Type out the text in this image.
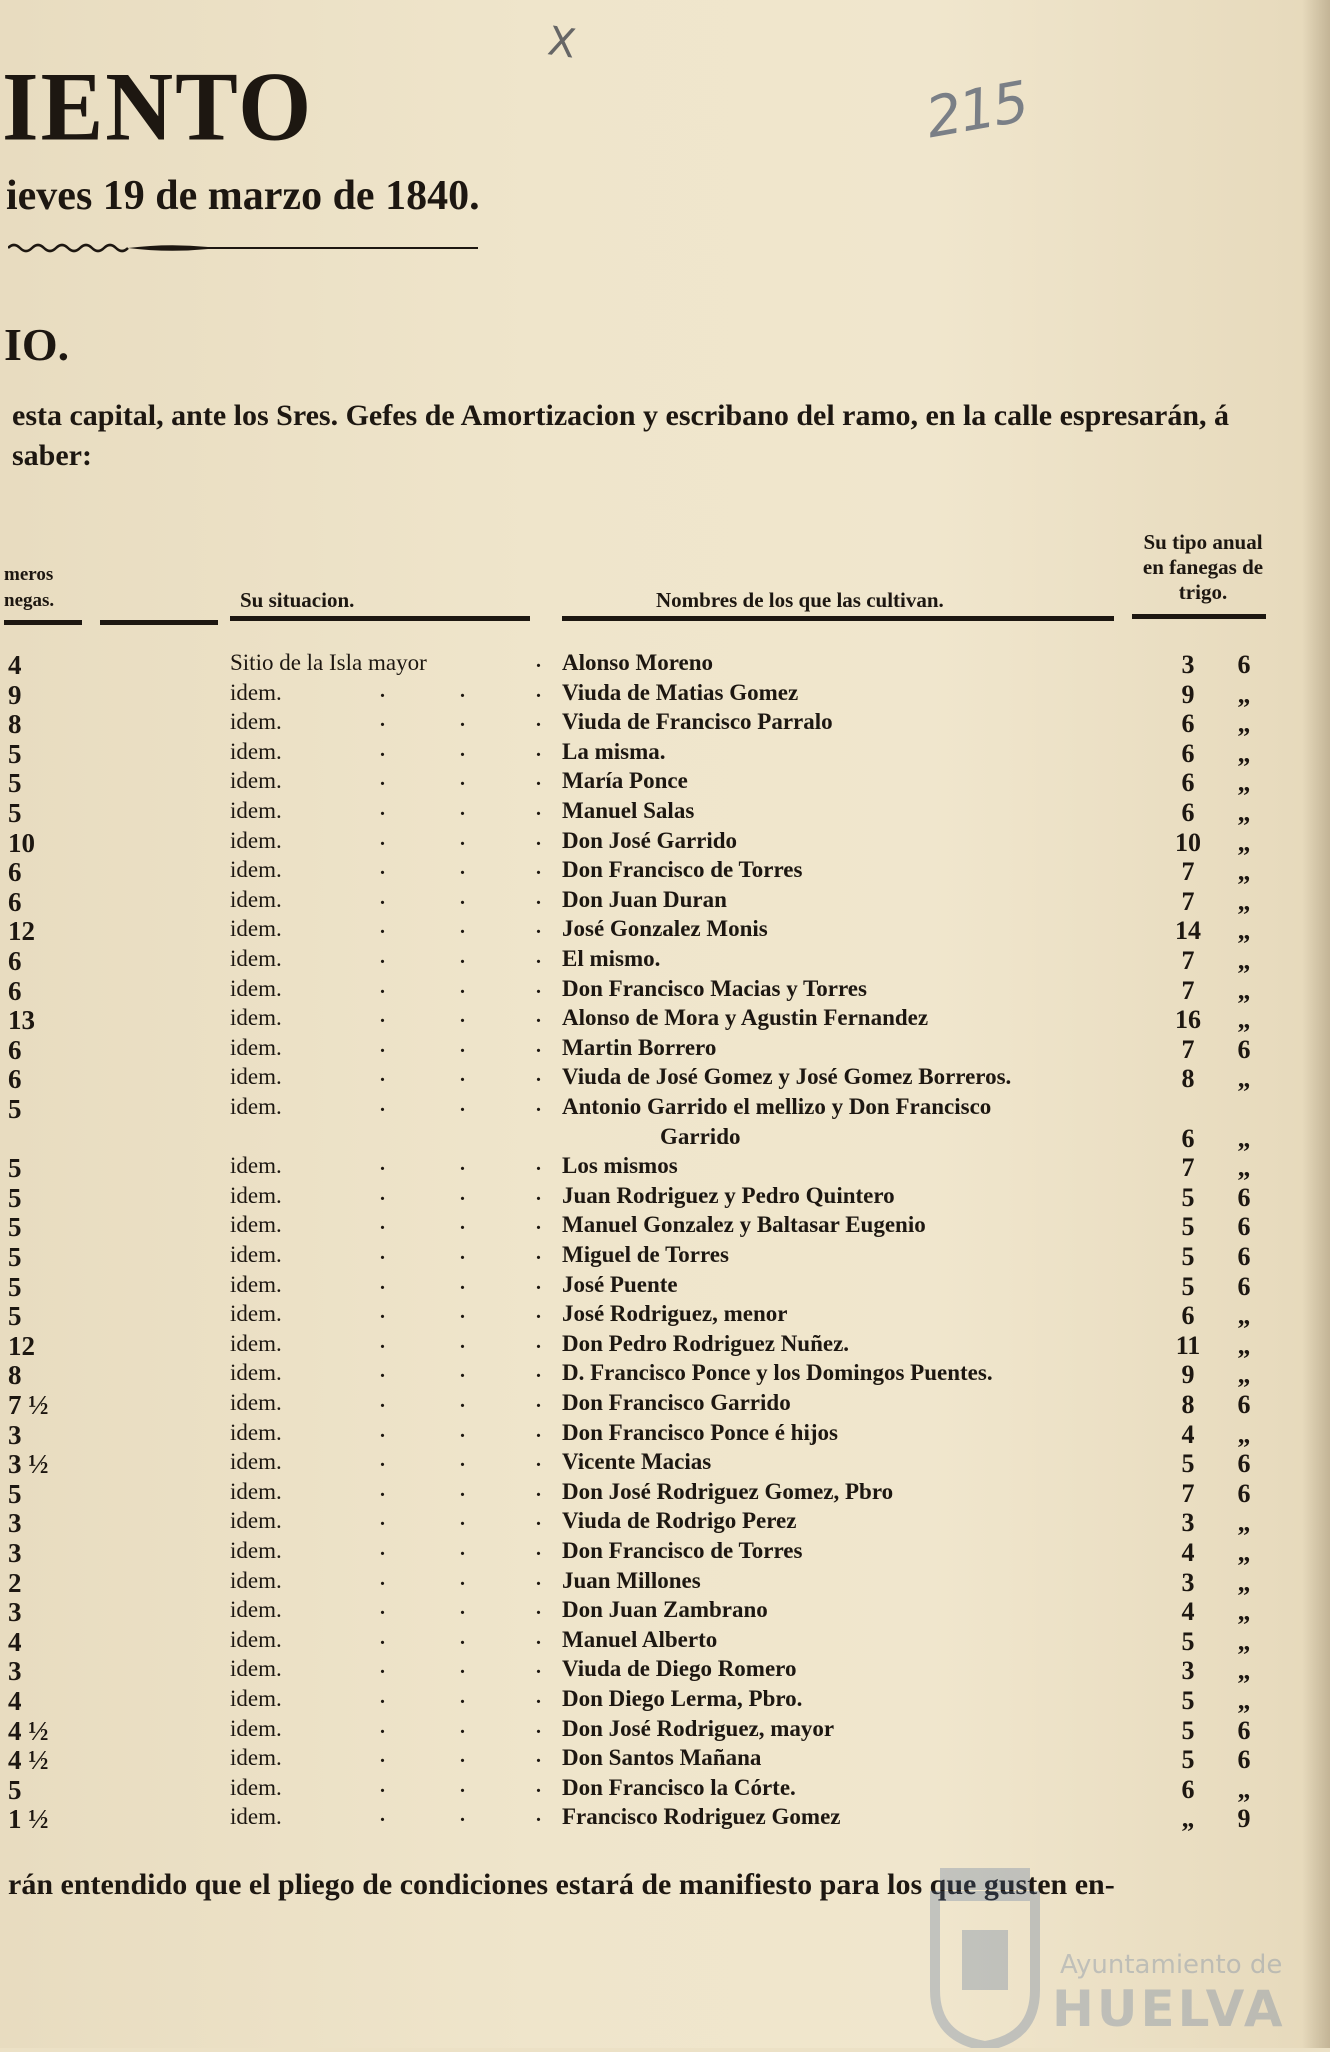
X
215
IENTO
ieves 19 de marzo de 1840.
IO.
esta capital, ante los Sres. Gefes de Amortizacion y escribano del ramo, en la calle espresarán, á saber:
meros
negas.	Su situacion.	Nombres de los que las cultivan.
Su tipo anual
en fanegas de
trigo.
4	Sitio de la Isla mayor	. Alonso Moreno	3	6
9	idem.	.	.	. Viuda de Matias Gomez	9	„
8	idem.	.	.	. Viuda de Francisco Parralo	6	„
5	idem.	.	.	. La misma.	6	„
5	idem.	.	.	. María Ponce	6	„
5	idem.	.	.	. Manuel Salas	6	„
10	idem.	.	.	. Don José Garrido	10	„
6	idem.	.	.	. Don Francisco de Torres	7	„
6	idem.	.	.	. Don Juan Duran	7	„
12	idem.	.	.	. José Gonzalez Monis	14	„
6	idem.	.	.	. El mismo.	7	„
6	idem.	.	.	. Don Francisco Macias y Torres	7	„
13	idem.	.	.	. Alonso de Mora y Agustin Fernandez	16	„
6	idem.	.	.	. Martin Borrero	7	6
6	idem.	.	.	. Viuda de José Gomez y José Gomez Borreros.	8	„
5	idem.	.	.	. Antonio Garrido el mellizo y Don Francisco
Garrido	6	„
5	idem.	.	.	. Los mismos	7	„
5	idem.	.	.	. Juan Rodriguez y Pedro Quintero	5	6
5	idem.	.	.	. Manuel Gonzalez y Baltasar Eugenio	5	6
5	idem.	.	.	. Miguel de Torres	5	6
5	idem.	.	.	. José Puente	5	6
5	idem.	.	.	. José Rodriguez, menor	6	„
12	idem.	.	.	. Don Pedro Rodriguez Nuñez.	11	„
8	idem.	.	.	. D. Francisco Ponce y los Domingos Puentes.	9	„
7 ½	idem.	.	.	. Don Francisco Garrido	8	6
3	idem.	.	.	. Don Francisco Ponce é hijos	4	„
3 ½	idem.	.	.	. Vicente Macias	5	6
5	idem.	.	.	. Don José Rodriguez Gomez, Pbro	7	6
3	idem.	.	.	. Viuda de Rodrigo Perez	3	„
3	idem.	.	.	. Don Francisco de Torres	4	„
2	idem.	.	.	. Juan Millones	3	„
3	idem.	.	.	. Don Juan Zambrano	4	„
4	idem.	.	.	. Manuel Alberto	5	„
3	idem.	.	.	. Viuda de Diego Romero	3	„
4	idem.	.	.	. Don Diego Lerma, Pbro.	5	„
4 ½	idem.	.	.	. Don José Rodriguez, mayor	5	6
4 ½	idem.	.	.	. Don Santos Mañana	5	6
5	idem.	.	.	. Don Francisco la Córte.	6	„
1 ½	idem.	.	.	. Francisco Rodriguez Gomez	„	9
rán entendido que el pliego de condiciones estará de manifiesto para los que gusten en-
Ayuntamiento de
HUELVA
